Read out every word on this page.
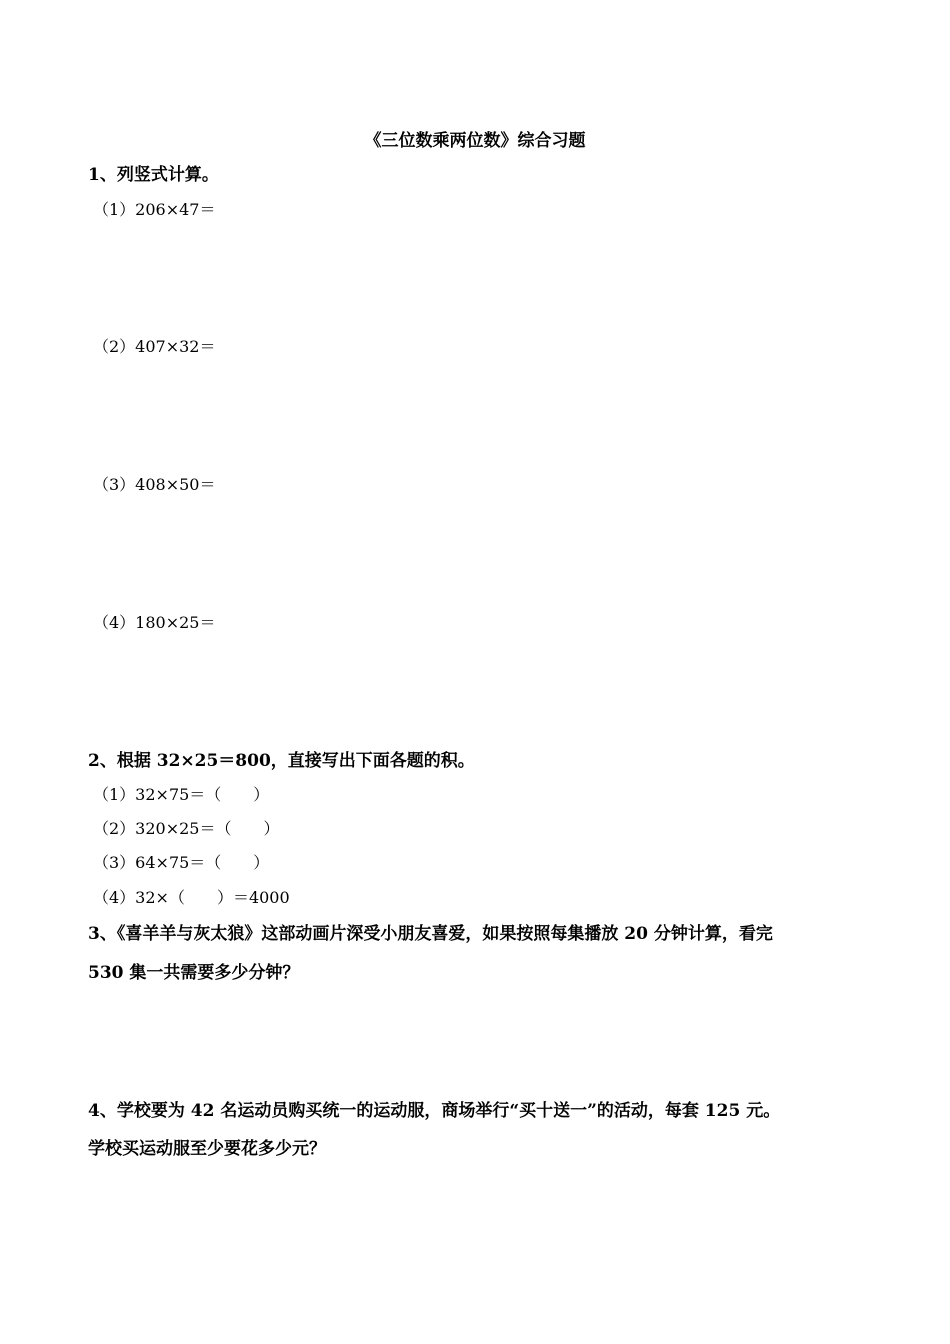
《三位数乘两位数》综合习题
1、列竖式计算。
（1）206×47＝
（2）407×32＝
（3）408×50＝
（4）180×25＝
2、根据 32×25＝800，直接写出下面各题的积。
（1）32×75＝（　　）
（2）320×25＝（　　）
（3）64×75＝（　　）
（4）32×（　　）＝4000
3、《喜羊羊与灰太狼》这部动画片深受小朋友喜爱，如果按照每集播放 20 分钟计算，看完
530 集一共需要多少分钟？
4、学校要为 42 名运动员购买统一的运动服，商场举行“买十送一”的活动，每套 125 元。
学校买运动服至少要花多少元？
